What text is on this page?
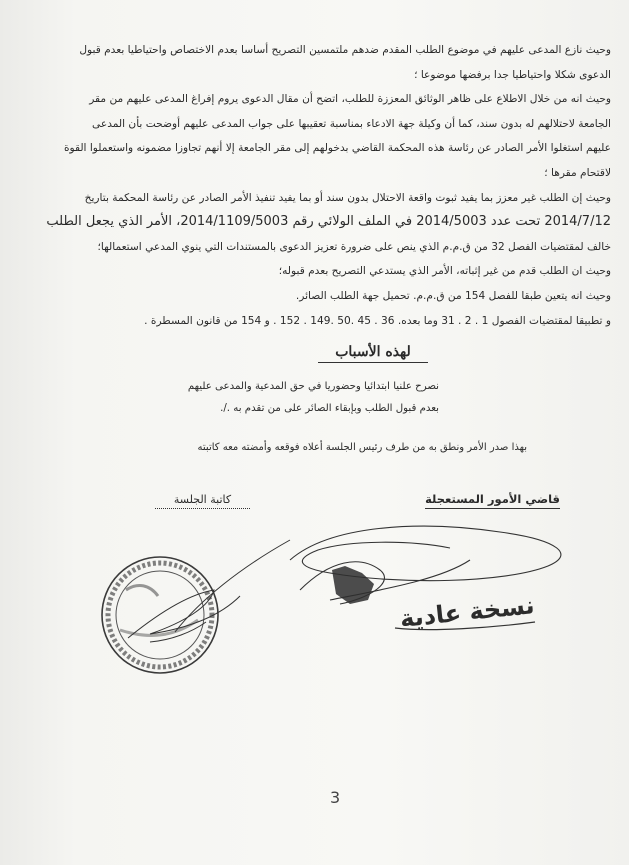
وحيث نازع المدعى عليهم في موضوع الطلب المقدم ضدهم ملتمسين التصريح أساسا بعدم الاختصاص واحتياطيا بعدم قبول

الدعوى شكلا واحتياطيا جدا برفضها موضوعا ؛

وحيث انه من خلال الاطلاع على ظاهر الوثائق المعززة للطلب، اتضح أن مقال الدعوى يروم إفراغ المدعى عليهم من مقر

الجامعة لاحتلالهم له بدون سند، كما أن وكيلة جهة الادعاء بمناسبة تعقيبها على جواب المدعى عليهم أوضحت بأن المدعى

عليهم استغلوا الأمر الصادر عن رئاسة هذه المحكمة القاضي بدخولهم إلى مقر الجامعة إلا أنهم تجاوزا مضمونه واستعملوا القوة

لاقتحام مقرها ؛

وحيث إن الطلب غير معزز بما يفيد ثبوت واقعة الاحتلال بدون سند أو بما يفيد تنفيذ الأمر الصادر عن رئاسة المحكمة بتاريخ

2014/7/12 تحت عدد 2014/5003 في الملف الولائي رقم 2014/1109/5003، الأمر الذي يجعل الطلب

خالف لمقتضيات الفصل 32 من ق.م.م الذي ينص على ضرورة تعزيز الدعوى بالمستندات التي ينوي المدعي استعمالها؛

وحيث ان الطلب قدم من غير إثباته، الأمر الذي يستدعي التصريح بعدم قبوله؛

وحيث انه يتعين طبقا للفصل 154 من ق.م.م. تحميل جهة الطلب الصائر.

و تطبيقا لمقتضيات الفصول 1 . 2 . 31 وما بعده. 36 . 45 .50 .149 . 152 . و 154 من قانون المسطرة .

لهذه الأسباب

نصرح علنيا ابتدائيا وحضوريا في حق المدعية والمدعى عليهم

بعدم قبول الطلب وبإبقاء الصائر على من تقدم به ./.

بهذا صدر الأمر ونطق به من طرف رئيس الجلسة أعلاه فوقعه وأمضته معه كاتبته
قاضي الأمور المستعجلة
كاتبة الجلسة
نسخة عادية
3
